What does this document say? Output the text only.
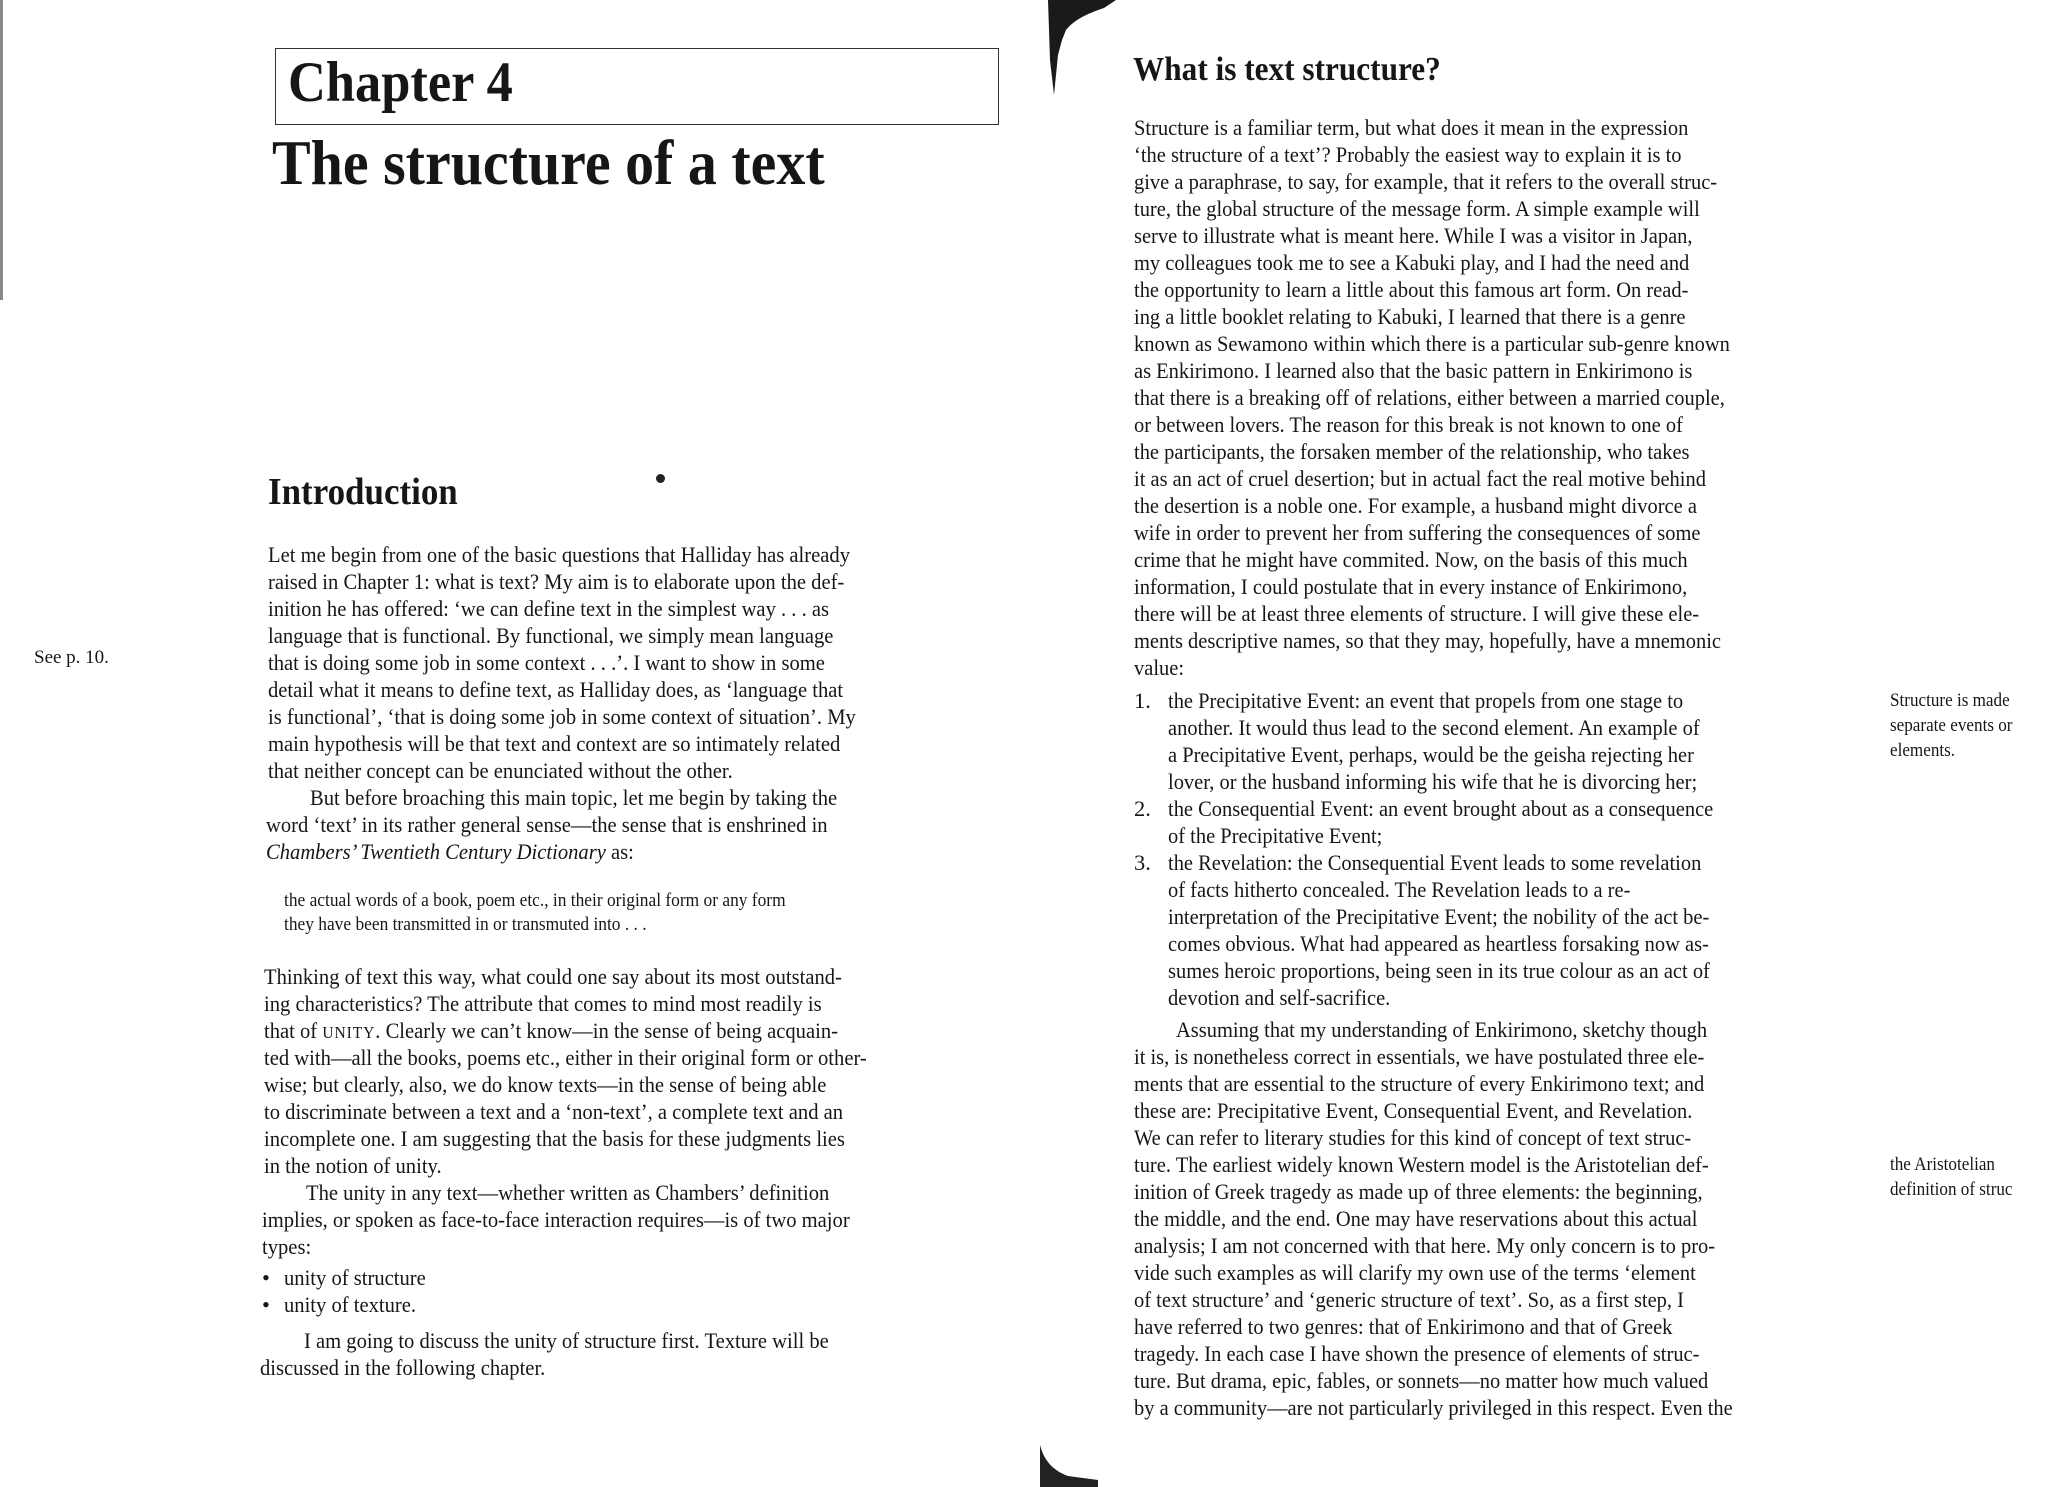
Chapter 4
The structure of a text
Introduction
See p. 10.
Let me begin from one of the basic questions that Halliday has already
raised in Chapter 1: what is text? My aim is to elaborate upon the def-
inition he has offered: ‘we can define text in the simplest way . . . as
language that is functional. By functional, we simply mean language
that is doing some job in some context . . .’. I want to show in some
detail what it means to define text, as Halliday does, as ‘language that
is functional’, ‘that is doing some job in some context of situation’. My
main hypothesis will be that text and context are so intimately related
that neither concept can be enunciated without the other.
But before broaching this main topic, let me begin by taking the
word ‘text’ in its rather general sense—the sense that is enshrined in
Chambers’ Twentieth Century Dictionary as:
the actual words of a book, poem etc., in their original form or any form
they have been transmitted in or transmuted into . . .
Thinking of text this way, what could one say about its most outstand-
ing characteristics? The attribute that comes to mind most readily is
that of UNITY. Clearly we can’t know—in the sense of being acquain-
ted with—all the books, poems etc., either in their original form or other-
wise; but clearly, also, we do know texts—in the sense of being able
to discriminate between a text and a ‘non-text’, a complete text and an
incomplete one. I am suggesting that the basis for these judgments lies
in the notion of unity.
The unity in any text—whether written as Chambers’ definition
implies, or spoken as face-to-face interaction requires—is of two major
types:
• unity of structure
• unity of texture.
I am going to discuss the unity of structure first. Texture will be
discussed in the following chapter.
What is text structure?
Structure is a familiar term, but what does it mean in the expression
‘the structure of a text’? Probably the easiest way to explain it is to
give a paraphrase, to say, for example, that it refers to the overall struc-
ture, the global structure of the message form. A simple example will
serve to illustrate what is meant here. While I was a visitor in Japan,
my colleagues took me to see a Kabuki play, and I had the need and
the opportunity to learn a little about this famous art form. On read-
ing a little booklet relating to Kabuki, I learned that there is a genre
known as Sewamono within which there is a particular sub-genre known
as Enkirimono. I learned also that the basic pattern in Enkirimono is
that there is a breaking off of relations, either between a married couple,
or between lovers. The reason for this break is not known to one of
the participants, the forsaken member of the relationship, who takes
it as an act of cruel desertion; but in actual fact the real motive behind
the desertion is a noble one. For example, a husband might divorce a
wife in order to prevent her from suffering the consequences of some
crime that he might have commited. Now, on the basis of this much
information, I could postulate that in every instance of Enkirimono,
there will be at least three elements of structure. I will give these ele-
ments descriptive names, so that they may, hopefully, have a mnemonic
value:
1. the Precipitative Event: an event that propels from one stage to
another. It would thus lead to the second element. An example of
a Precipitative Event, perhaps, would be the geisha rejecting her
lover, or the husband informing his wife that he is divorcing her;
2. the Consequential Event: an event brought about as a consequence
of the Precipitative Event;
3. the Revelation: the Consequential Event leads to some revelation
of facts hitherto concealed. The Revelation leads to a re-
interpretation of the Precipitative Event; the nobility of the act be-
comes obvious. What had appeared as heartless forsaking now as-
sumes heroic proportions, being seen in its true colour as an act of
devotion and self-sacrifice.
Assuming that my understanding of Enkirimono, sketchy though
it is, is nonetheless correct in essentials, we have postulated three ele-
ments that are essential to the structure of every Enkirimono text; and
these are: Precipitative Event, Consequential Event, and Revelation.
We can refer to literary studies for this kind of concept of text struc-
ture. The earliest widely known Western model is the Aristotelian def-
inition of Greek tragedy as made up of three elements: the beginning,
the middle, and the end. One may have reservations about this actual
analysis; I am not concerned with that here. My only concern is to pro-
vide such examples as will clarify my own use of the terms ‘element
of text structure’ and ‘generic structure of text’. So, as a first step, I
have referred to two genres: that of Enkirimono and that of Greek
tragedy. In each case I have shown the presence of elements of struc-
ture. But drama, epic, fables, or sonnets—no matter how much valued
by a community—are not particularly privileged in this respect. Even the
Structure is made
separate events or
elements.
the Aristotelian
definition of struc
